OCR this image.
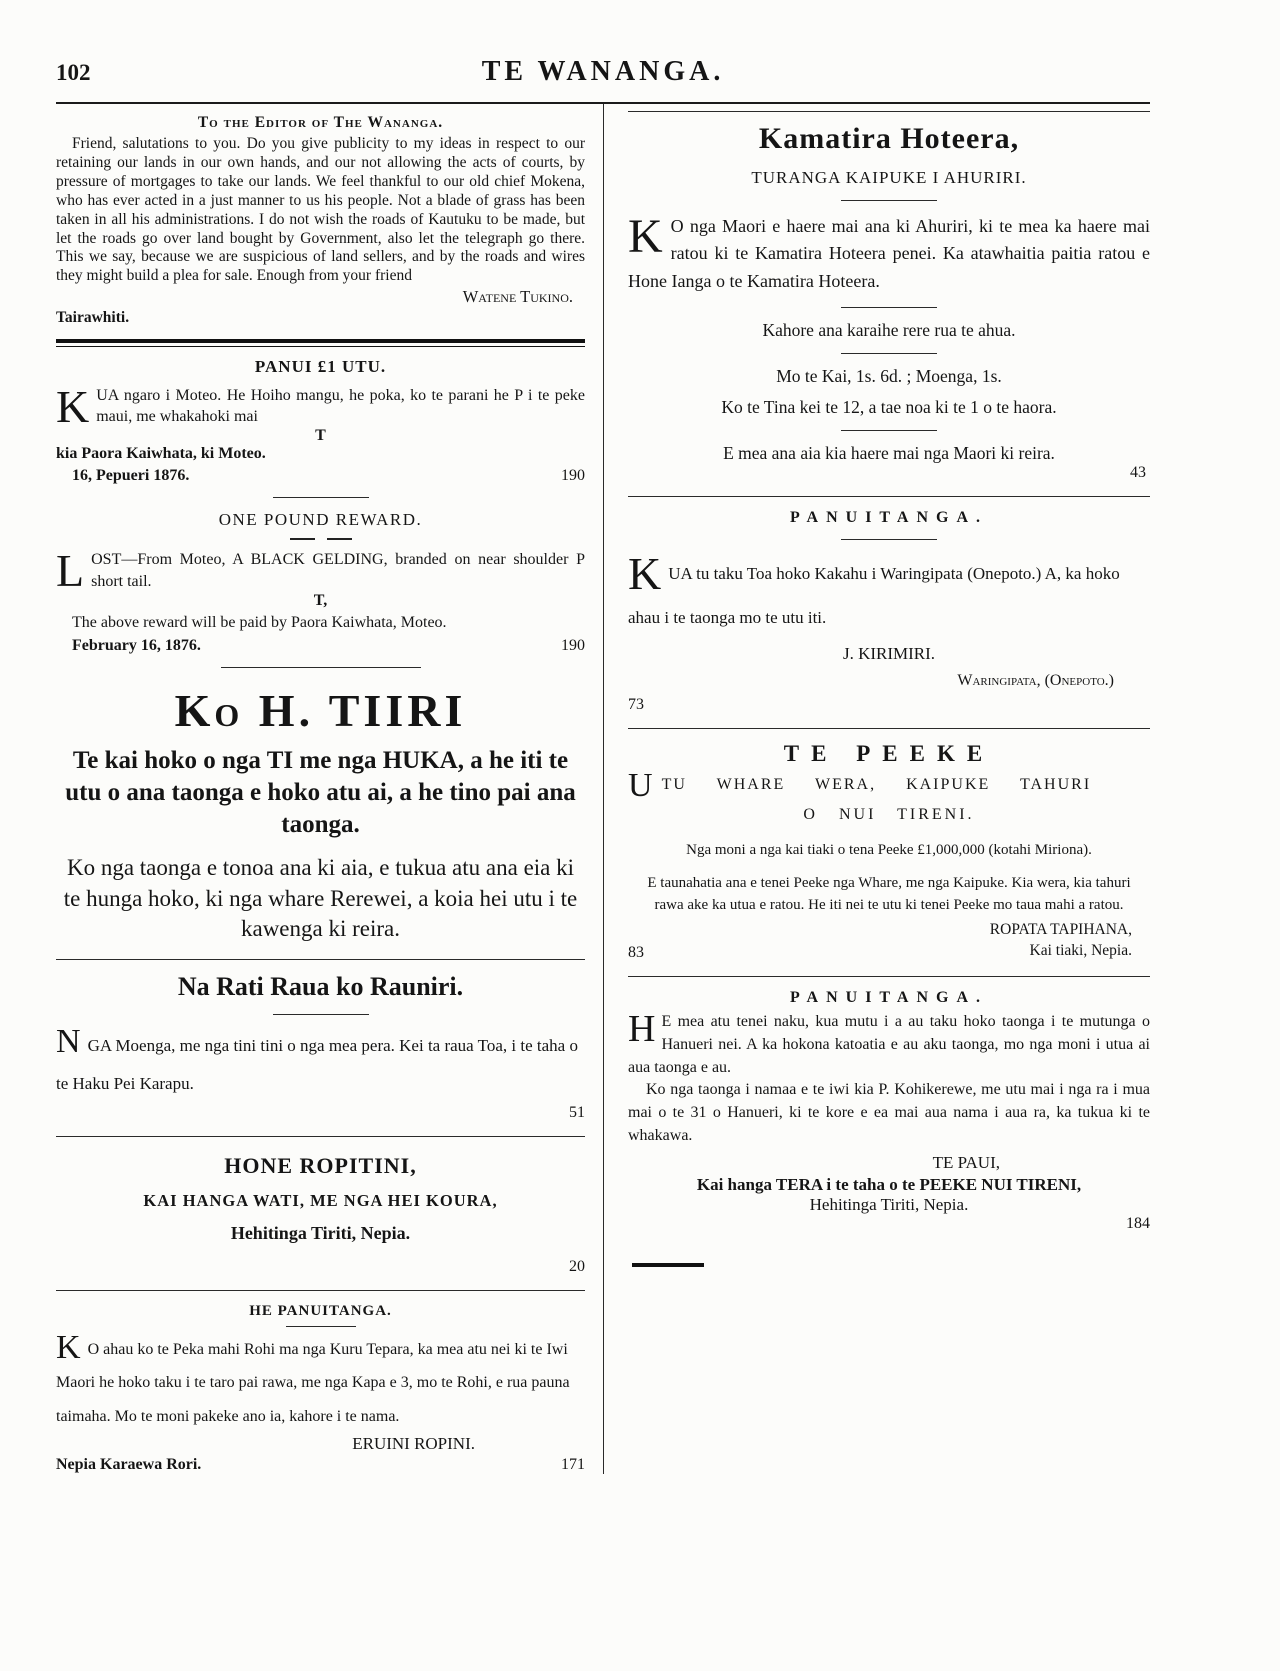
102	TE WANANGA.
To the Editor of The Wananga.

Friend, salutations to you. Do you give publicity to my ideas in respect to our retaining our lands in our own hands, and our not allowing the acts of courts, by pressure of mortgages to take our lands. We feel thankful to our old chief Mokena, who has ever acted in a just manner to us his people. Not a blade of grass has been taken in all his administrations. I do not wish the roads of Kautuku to be made, but let the roads go over land bought by Government, also let the telegraph go there. This we say, because we are suspicious of land sellers, and by the roads and wires they might build a plea for sale. Enough from your friend

Watene Tukino.
Tairawhiti.
PANUI £1 UTU.

KUA ngaro i Moteo. He Hoiho mangu, he poka, ko te parani he P i te peke maui, me whakahoki mai

T
kia Paora Kaiwhata, ki Moteo.
16, Pepueri 1876.	190
ONE POUND REWARD.

LOST—From Moteo, A BLACK GELDING, branded on near shoulder P short tail.

T,

The above reward will be paid by Paora Kaiwhata, Moteo.

February 16, 1876.	190
Ko H. TIIRI

Te kai hoko o nga TI me nga HUKA, a he iti te utu o ana taonga e hoko atu ai, a he tino pai ana taonga.

Ko nga taonga e tonoa ana ki aia, e tukua atu ana eia ki te hunga hoko, ki nga whare Rerewei, a koia hei utu i te kawenga ki reira.

Na Rati Raua ko Rauniri.

NGA Moenga, me nga tini tini o nga mea pera. Kei ta raua Toa, i te taha o te Haku Pei Karapu.

51
HONE ROPITINI,
KAI HANGA WATI, ME NGA HEI KOURA,
Hehitinga Tiriti, Nepia.
20
HE PANUITANGA.

K O ahau ko te Peka mahi Rohi ma nga Kuru Tepara, ka mea atu nei ki te Iwi Maori he hoko taku i te taro pai rawa, me nga Kapa e 3, mo te Rohi, e rua pauna taimaha. Mo te moni pakeke ano ia, kahore i te nama.

ERUINI ROPINI.
Nepia Karaewa Rori.	171
Kamatira Hoteera,
TURANGA KAIPUKE I AHURIRI.

K O nga Maori e haere mai ana ki Ahuriri, ki te mea ka haere mai ratou ki te Kamatira Hoteera penei. Ka atawhaitia paitia ratou e Hone Ianga o te Kamatira Hoteera.

Kahore ana karaihe rere rua te ahua.
Mo te Kai, 1s. 6d. ; Moenga, 1s.
Ko te Tina kei te 12, a tae noa ki te 1 o te haora.
E mea ana aia kia haere mai nga Maori ki reira.
43
PANUITANGA.

KUA tu taku Toa hoko Kakahu i Waringipata (Onepoto.) A, ka hoko ahau i te taonga mo te utu iti.

J. KIRIMIRI.
Waringipata, (Onepoto.)
73
TE PEEKE

UTU WHARE WERA, KAIPUKE TAHURI

O NUI TIRENI.

Nga moni a nga kai tiaki o tena Peeke £1,000,000 (kotahi Miriona).

E taunahatia ana e tenei Peeke nga Whare, me nga Kaipuke. Kia wera, kia tahuri rawa ake ka utua e ratou. He iti nei te utu ki tenei Peeke mo taua mahi a ratou.

83
ROPATA TAPIHANA,
Kai tiaki, Nepia.
PANUITANGA.

H E mea atu tenei naku, kua mutu i a au taku hoko taonga i te mutunga o Hanueri nei. A ka hokona katoatia e au aku taonga, mo nga moni i utua ai aua taonga e au.

Ko nga taonga i namaa e te iwi kia P. Kohikerewe, me utu mai i nga ra i mua mai o te 31 o Hanueri, ki te kore e ea mai aua nama i aua ra, ka tukua ki te whakawa.

TE PAUI,
Kai hanga TERA i te taha o te PEEKE NUI TIRENI,
Hehitinga Tiriti, Nepia.
184
